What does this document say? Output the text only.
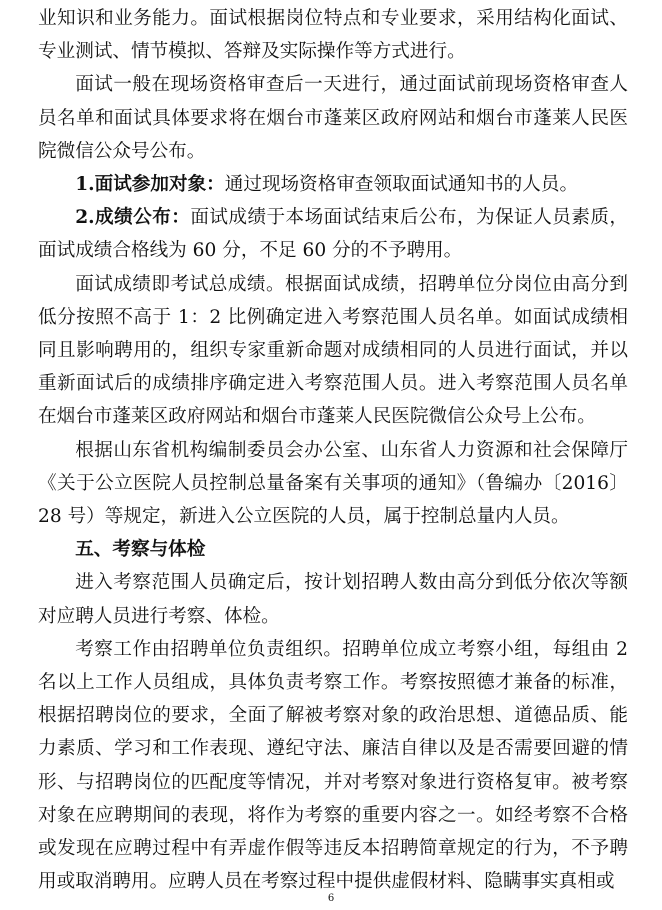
业知识和业务能力。面试根据岗位特点和专业要求，采用结构化面试、专业测试、情节模拟、答辩及实际操作等方式进行。

面试一般在现场资格审查后一天进行，通过面试前现场资格审查人员名单和面试具体要求将在烟台市蓬莱区政府网站和烟台市蓬莱人民医院微信公众号公布。

1.面试参加对象：通过现场资格审查领取面试通知书的人员。

2.成绩公布：面试成绩于本场面试结束后公布，为保证人员素质，面试成绩合格线为 60 分，不足 60 分的不予聘用。

面试成绩即考试总成绩。根据面试成绩，招聘单位分岗位由高分到低分按照不高于 1：2 比例确定进入考察范围人员名单。如面试成绩相同且影响聘用的，组织专家重新命题对成绩相同的人员进行面试，并以重新面试后的成绩排序确定进入考察范围人员。进入考察范围人员名单在烟台市蓬莱区政府网站和烟台市蓬莱人民医院微信公众号上公布。

根据山东省机构编制委员会办公室、山东省人力资源和社会保障厅《关于公立医院人员控制总量备案有关事项的通知》（鲁编办〔2016〕28 号）等规定，新进入公立医院的人员，属于控制总量内人员。

五、考察与体检

进入考察范围人员确定后，按计划招聘人数由高分到低分依次等额对应聘人员进行考察、体检。

考察工作由招聘单位负责组织。招聘单位成立考察小组，每组由 2 名以上工作人员组成，具体负责考察工作。考察按照德才兼备的标准，根据招聘岗位的要求，全面了解被考察对象的政治思想、道德品质、能力素质、学习和工作表现、遵纪守法、廉洁自律以及是否需要回避的情形、与招聘岗位的匹配度等情况，并对考察对象进行资格复审。被考察对象在应聘期间的表现，将作为考察的重要内容之一。如经考察不合格或发现在应聘过程中有弄虚作假等违反本招聘简章规定的行为，不予聘用或取消聘用。应聘人员在考察过程中提供虚假材料、隐瞒事实真相或

6
